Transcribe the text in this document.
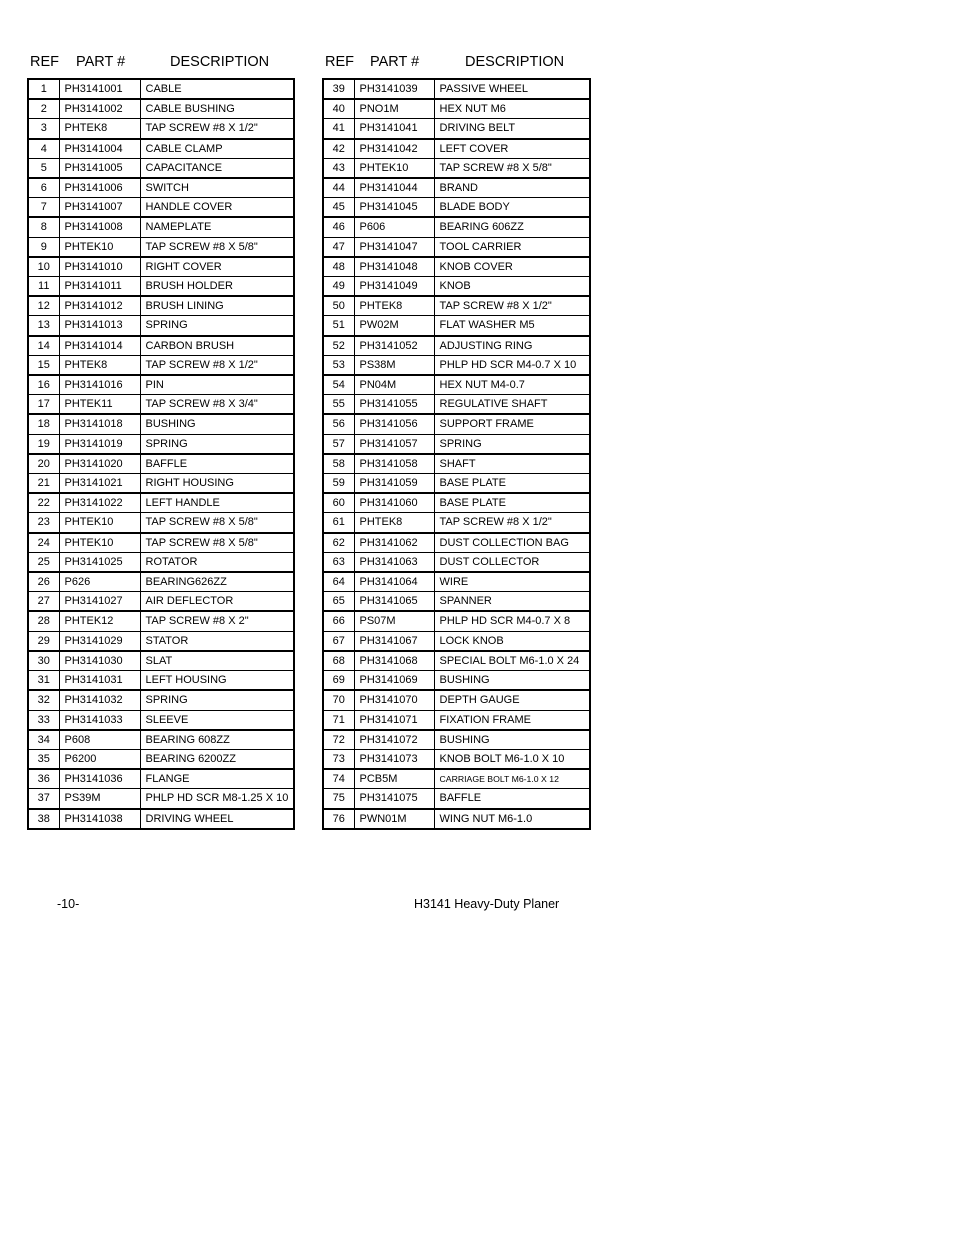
REF PART #	DESCRIPTION	REF PART #	DESCRIPTION
1	PH3141001	CABLE
2	PH3141002	CABLE BUSHING
3	PHTEK8	TAP SCREW #8 X 1/2"
4	PH3141004	CABLE CLAMP
5	PH3141005	CAPACITANCE
6	PH3141006	SWITCH
7	PH3141007	HANDLE COVER
8	PH3141008	NAMEPLATE
9	PHTEK10	TAP SCREW #8 X 5/8"
10	PH3141010	RIGHT COVER
11	PH3141011	BRUSH HOLDER
12	PH3141012	BRUSH LINING
13	PH3141013	SPRING
14	PH3141014	CARBON BRUSH
15	PHTEK8	TAP SCREW #8 X 1/2"
16	PH3141016	PIN
17	PHTEK11	TAP SCREW #8 X 3/4"
18	PH3141018	BUSHING
19	PH3141019	SPRING
20	PH3141020	BAFFLE
21	PH3141021	RIGHT HOUSING
22	PH3141022	LEFT HANDLE
23	PHTEK10	TAP SCREW #8 X 5/8"
24	PHTEK10	TAP SCREW #8 X 5/8"
25	PH3141025	ROTATOR
26	P626	BEARING626ZZ
27	PH3141027	AIR DEFLECTOR
28	PHTEK12	TAP SCREW #8 X 2"
29	PH3141029	STATOR
30	PH3141030	SLAT
31	PH3141031	LEFT HOUSING
32	PH3141032	SPRING
33	PH3141033	SLEEVE
34	P608	BEARING 608ZZ
35	P6200	BEARING 6200ZZ
36	PH3141036	FLANGE
37	PS39M	PHLP HD SCR M8-1.25 X 10
38	PH3141038	DRIVING WHEEL
39	PH3141039	PASSIVE WHEEL
40	PNO1M	HEX NUT M6
41	PH3141041	DRIVING BELT
42	PH3141042	LEFT COVER
43	PHTEK10	TAP SCREW #8 X 5/8"
44	PH3141044	BRAND
45	PH3141045	BLADE BODY
46	P606	BEARING 606ZZ
47	PH3141047	TOOL CARRIER
48	PH3141048	KNOB COVER
49	PH3141049	KNOB
50	PHTEK8	TAP SCREW #8 X 1/2"
51	PW02M	FLAT WASHER M5
52	PH3141052	ADJUSTING RING
53	PS38M	PHLP HD SCR M4-0.7 X 10
54	PN04M	HEX NUT M4-0.7
55	PH3141055	REGULATIVE SHAFT
56	PH3141056	SUPPORT FRAME
57	PH3141057	SPRING
58	PH3141058	SHAFT
59	PH3141059	BASE PLATE
60	PH3141060	BASE PLATE
61	PHTEK8	TAP SCREW #8 X 1/2"
62	PH3141062	DUST COLLECTION BAG
63	PH3141063	DUST COLLECTOR
64	PH3141064	WIRE
65	PH3141065	SPANNER
66	PS07M	PHLP HD SCR M4-0.7 X 8
67	PH3141067	LOCK KNOB
68	PH3141068	SPECIAL BOLT M6-1.0 X 24
69	PH3141069	BUSHING
70	PH3141070	DEPTH GAUGE
71	PH3141071	FIXATION FRAME
72	PH3141072	BUSHING
73	PH3141073	KNOB BOLT M6-1.0 X 10
74	PCB5M	CARRIAGE BOLT M6-1.0 X 12
75	PH3141075	BAFFLE
76	PWN01M	WING NUT M6-1.0
-10-	H3141 Heavy-Duty Planer
